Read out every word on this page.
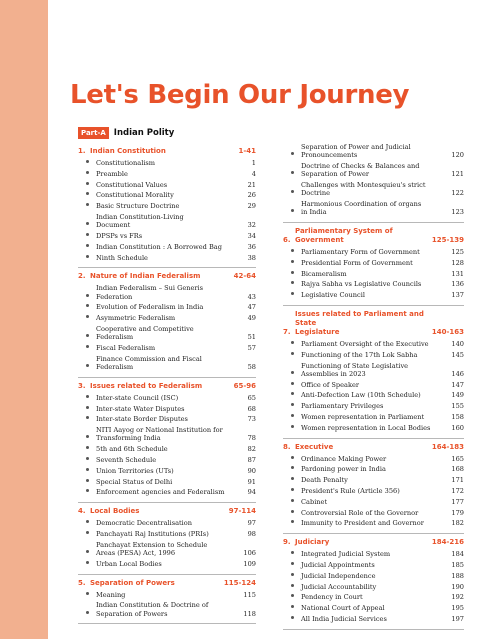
Let's Begin Our Journey
Part-A Indian Polity
1. Indian Constitution	1-41
Constitutionalism	1
Preamble	4
Constitutional Values	21
Constitutional Morality	26
Basic Structure Doctrine	29
Indian Constitution-Living
Document	32
DPSPs vs FRs	34
Indian Constitution : A Borrowed Bag	36
Ninth Schedule	38
2. Nature of Indian Federalism	42-64
Indian Federalism – Sui Generis
Federation	43
Evolution of Federalism in India	47
Asymmetric Federalism	49
Cooperative and Competitive
Federalism	51
Fiscal Federalism	57
Finance Commission and Fiscal
Federalism	58
3. Issues related to Federalism	65-96
Inter-state Council (ISC)	65
Inter-state Water Disputes	68
Inter-state Border Disputes	73
NITI Aayog or National Institution for
Transforming India	78
5th and 6th Schedule	82
Seventh Schedule	87
Union Territories (UTs)	90
Special Status of Delhi	91
Enforcement agencies and Federalism	94
4. Local Bodies	97-114
Democratic Decentralisation	97
Panchayati Raj Institutions (PRIs)	98
Panchayat Extension to Schedule
Areas (PESA) Act, 1996	106
Urban Local Bodies	109
5. Separation of Powers	115-124
Meaning	115
Indian Constitution & Doctrine of
Separation of Powers	118
Separation of Power and Judicial
Pronouncements	120
Doctrine of Checks & Balances and
Separation of Power	121
Challenges with Montesquieu's strict
Doctrine	122
Harmonious Coordination of organs
in India	123
6.
Parliamentary System of
Government	125-139
Parliamentary Form of Government	125
Presidential Form of Government	128
Bicameralism	131
Rajya Sabha vs Legislative Councils	136
Legislative Council	137
7.
Issues related to Parliament and State
Legislature	140-163
Parliament Oversight of the Executive	140
Functioning of the 17th Lok Sabha	145
Functioning of State Legislative
Assemblies in 2023	146
Office of Speaker	147
Anti-Defection Law (10th Schedule)	149
Parliamentary Privileges	155
Women representation in Parliament	158
Women representation in Local Bodies	160
8. Executive	164-183
Ordinance Making Power	165
Pardoning power in India	168
Death Penalty	171
President's Rule (Article 356)	172
Cabinet	177
Controversial Role of the Governor	179
Immunity to President and Governor	182
9. Judiciary	184-216
Integrated Judicial System	184
Judicial Appointments	185
Judicial Independence	188
Judicial Accountability	190
Pendency in Court	192
National Court of Appeal	195
All India Judicial Services	197
